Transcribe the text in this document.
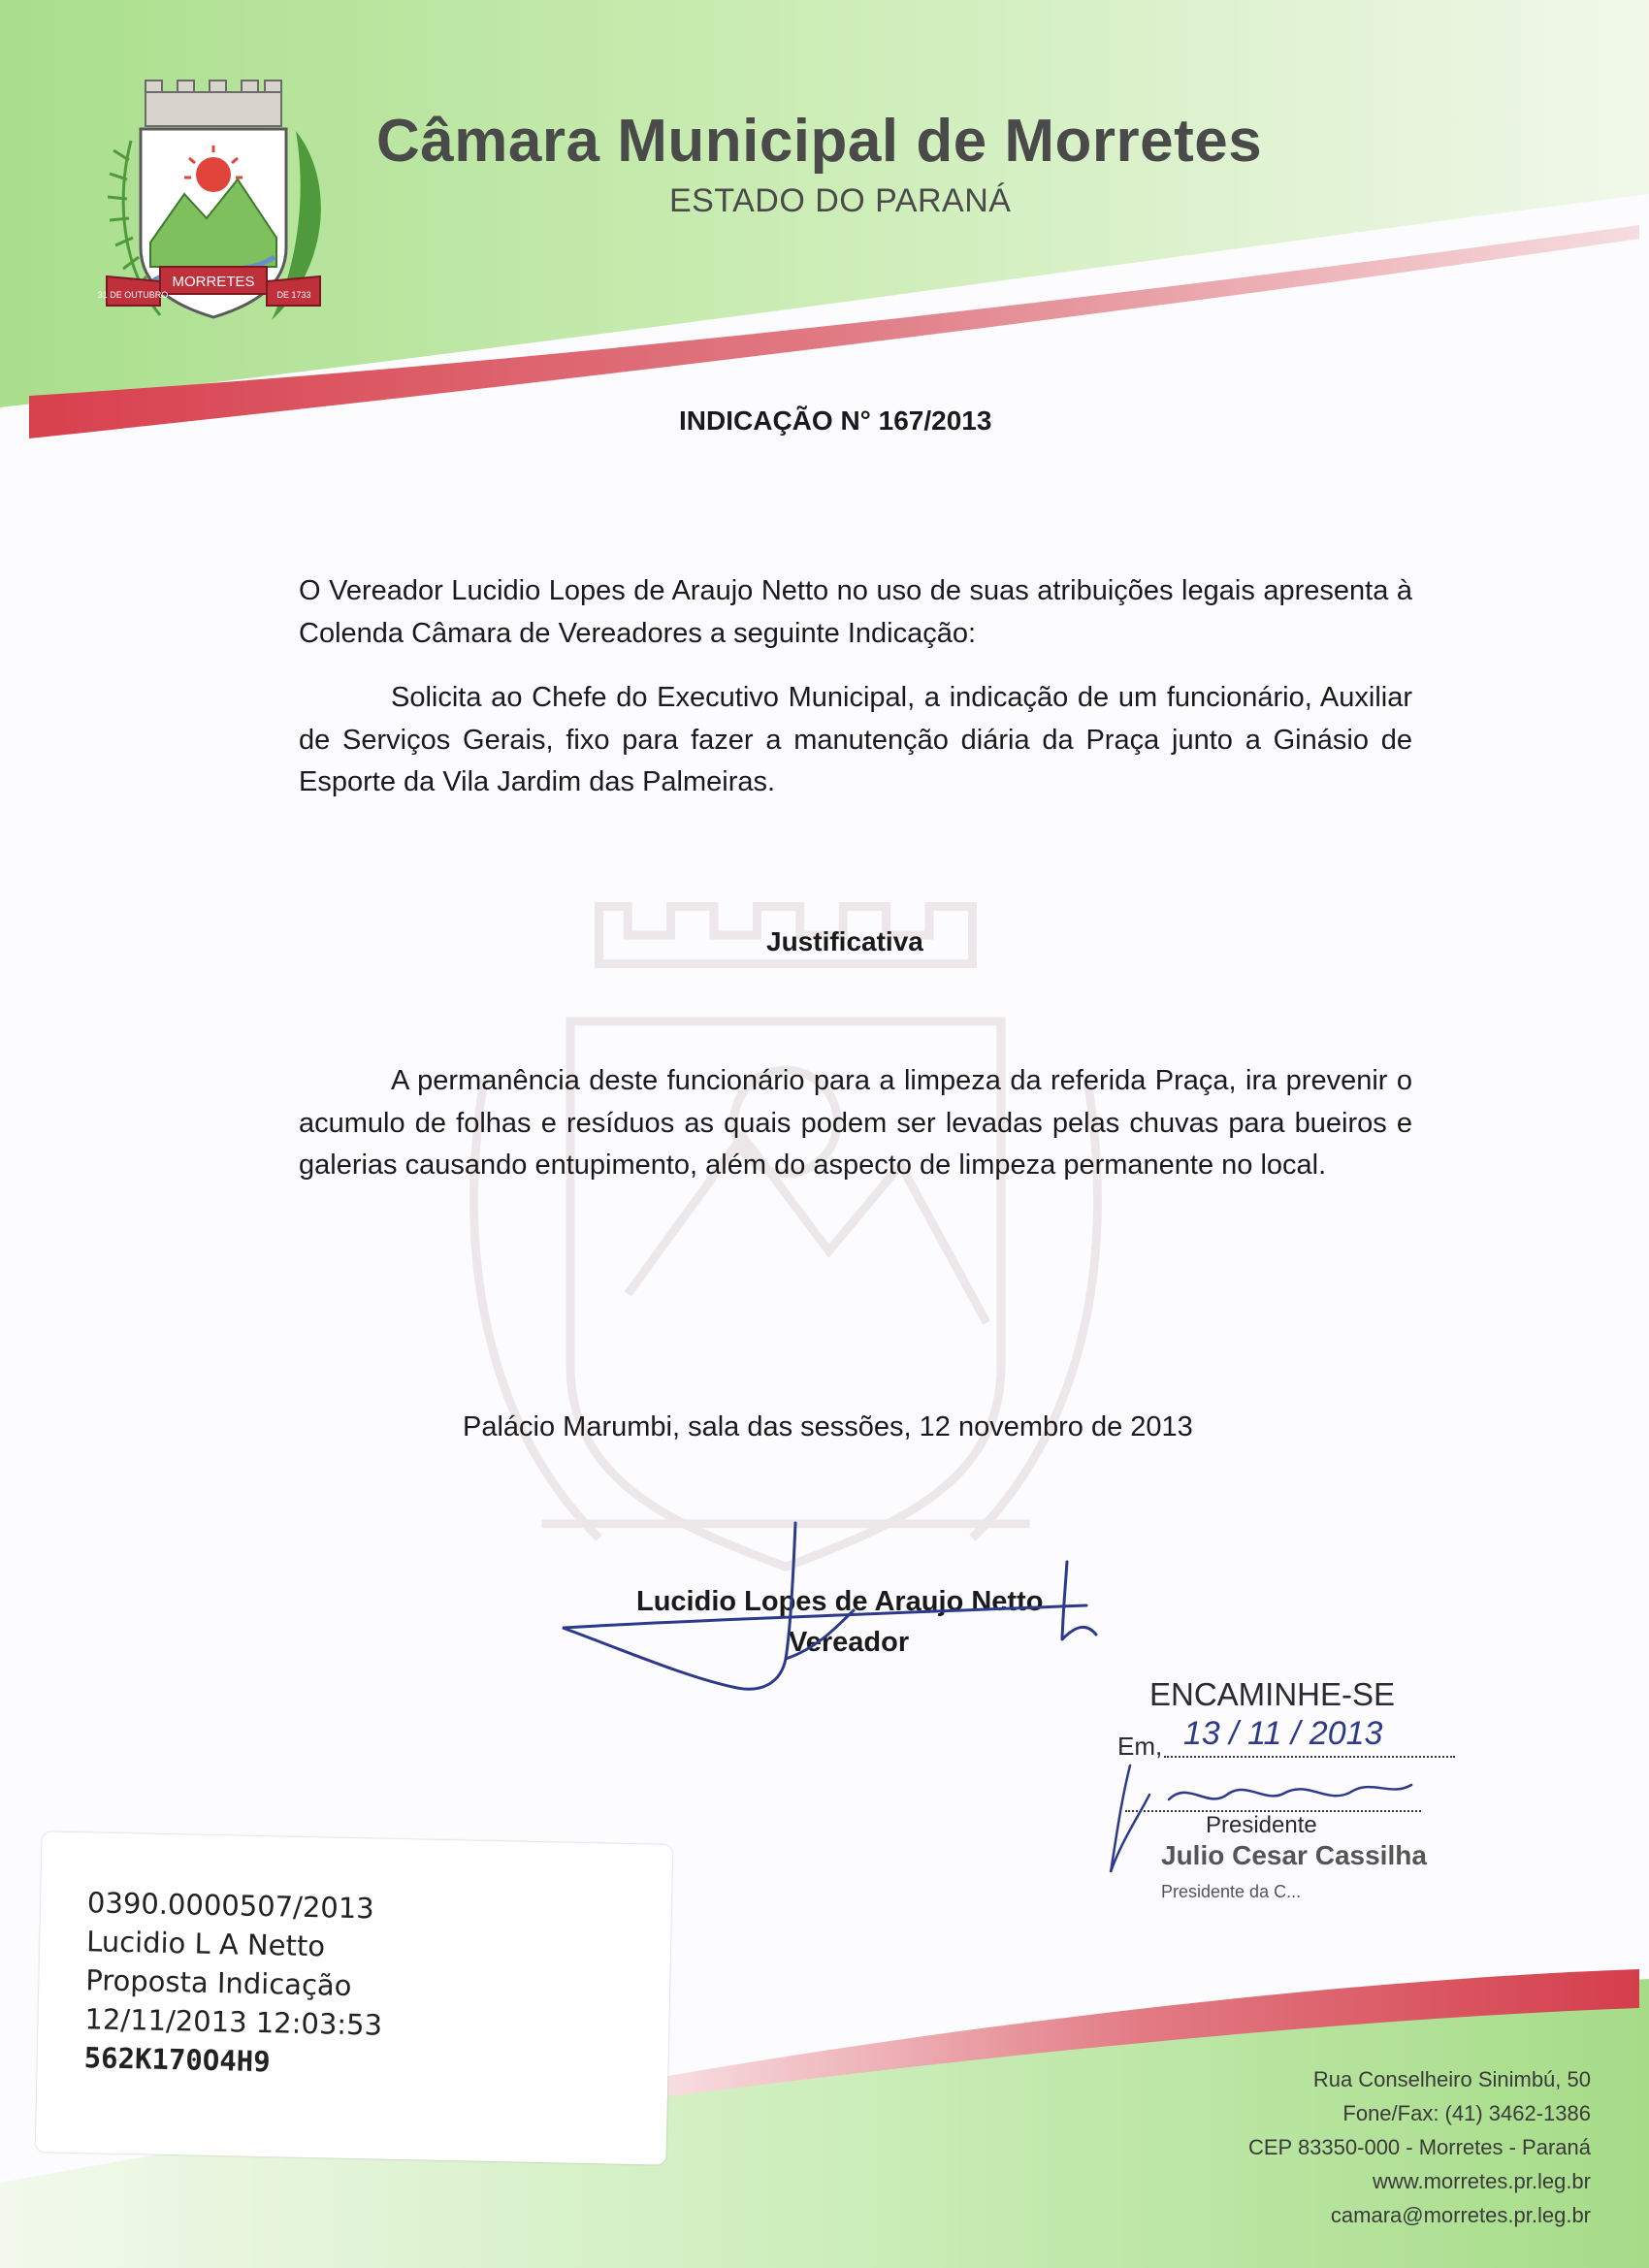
MORRETES
31 DE OUTUBRO	DE 1733
Câmara Municipal de Morretes
ESTADO DO PARANÁ
INDICAÇÃO N° 167/2013

O Vereador Lucidio Lopes de Araujo Netto no uso de suas atribuições legais apresenta à Colenda Câmara de Vereadores a seguinte Indicação:

Solicita ao Chefe do Executivo Municipal, a indicação de um funcionário, Auxiliar de Serviços Gerais, fixo para fazer a manutenção diária da Praça junto a Ginásio de Esporte da Vila Jardim das Palmeiras.

Justificativa

A permanência deste funcionário para a limpeza da referida Praça, ira prevenir o acumulo de folhas e resíduos as quais podem ser levadas pelas chuvas para bueiros e galerias causando entupimento, além do aspecto de limpeza permanente no local.

Palácio Marumbi, sala das sessões, 12 novembro de 2013
Lucidio Lopes de Araujo Netto
Vereador
ENCAMINHE-SE
Em, 13 / 11 / 2013
Presidente
Julio Cesar Cassilha
Presidente da C...
0390.0000507/2013
Lucidio L A Netto
Proposta Indicação
12/11/2013 12:03:53
562K170O4H9
Rua Conselheiro Sinimbú, 50
Fone/Fax: (41) 3462-1386
CEP 83350-000 - Morretes - Paraná
www.morretes.pr.leg.br
camara@morretes.pr.leg.br
